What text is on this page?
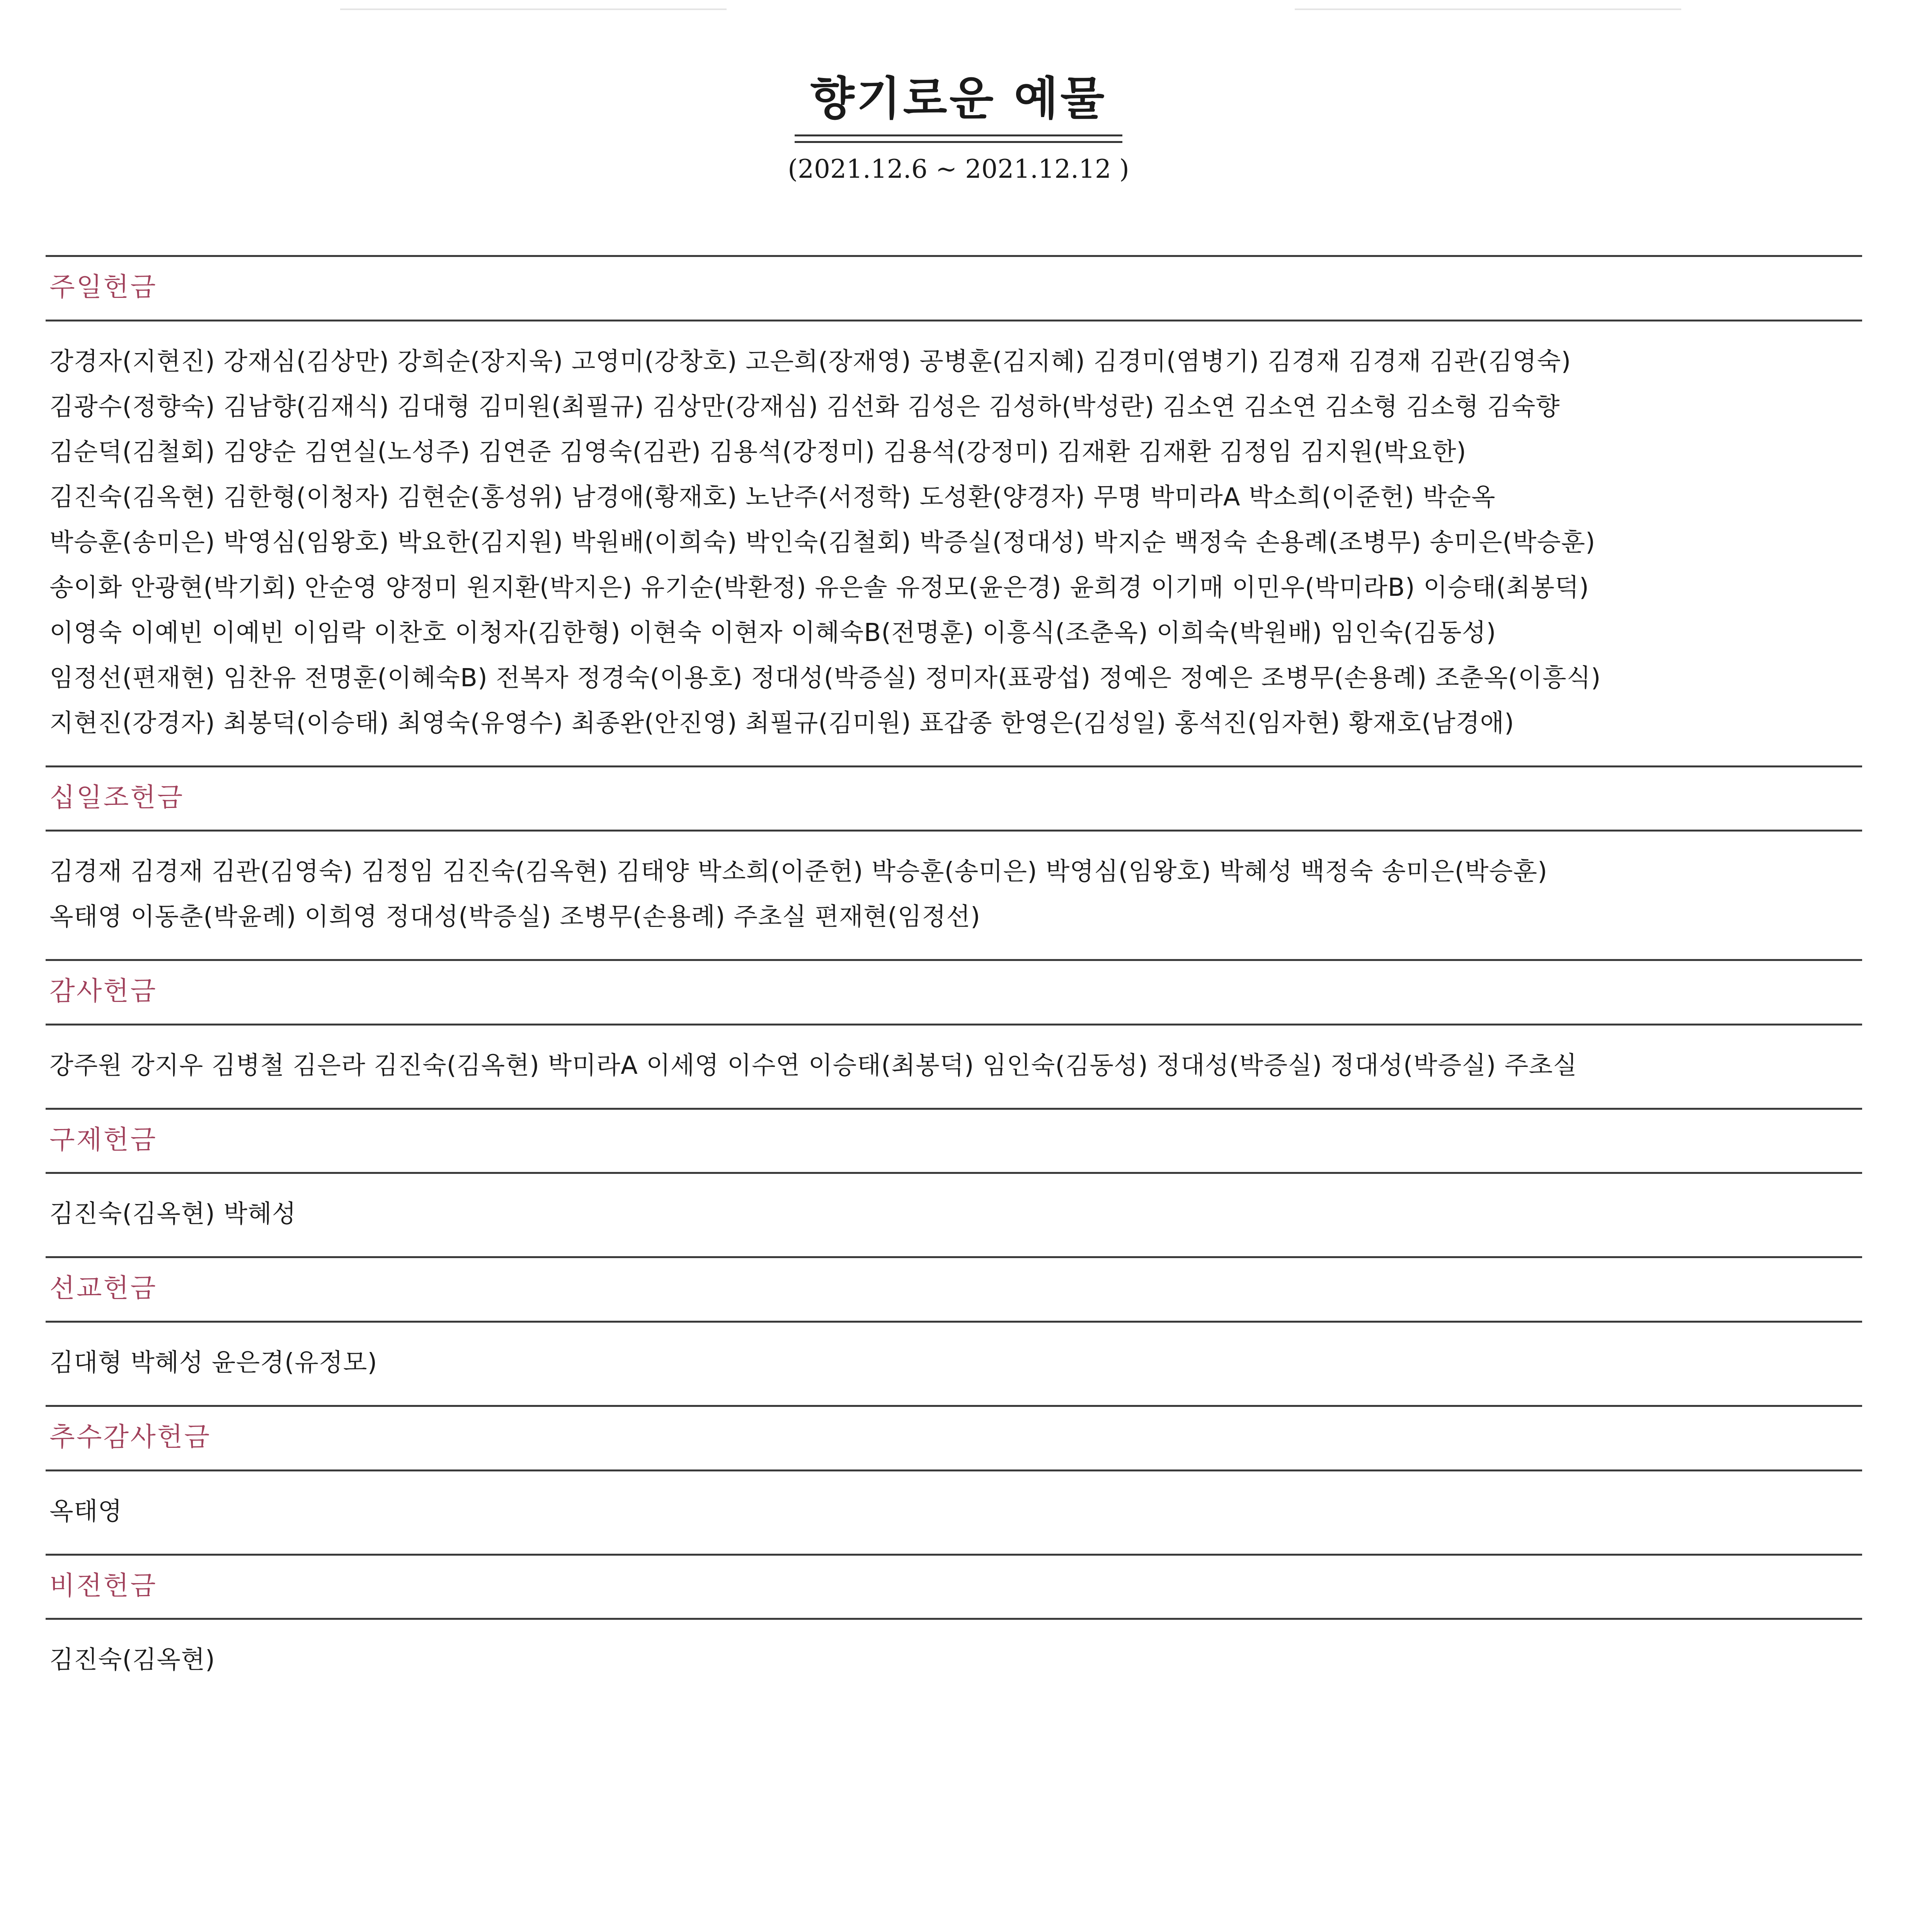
향기로운 예물
(2021.12.6 ~ 2021.12.12 )
주일헌금
강경자(지현진) 강재심(김상만) 강희순(장지욱) 고영미(강창호) 고은희(장재영) 공병훈(김지혜) 김경미(염병기) 김경재 김경재 김관(김영숙)
김광수(정향숙) 김남향(김재식) 김대형 김미원(최필규) 김상만(강재심) 김선화 김성은 김성하(박성란) 김소연 김소연 김소형 김소형 김숙향
김순덕(김철회) 김양순 김연실(노성주) 김연준 김영숙(김관) 김용석(강정미) 김용석(강정미) 김재환 김재환 김정임 김지원(박요한)
김진숙(김옥현) 김한형(이청자) 김현순(홍성위) 남경애(황재호) 노난주(서정학) 도성환(양경자) 무명 박미라A 박소희(이준헌) 박순옥
박승훈(송미은) 박영심(임왕호) 박요한(김지원) 박원배(이희숙) 박인숙(김철회) 박증실(정대성) 박지순 백정숙 손용례(조병무) 송미은(박승훈)
송이화 안광현(박기회) 안순영 양정미 원지환(박지은) 유기순(박환정) 유은솔 유정모(윤은경) 윤희경 이기매 이민우(박미라B) 이승태(최봉덕)
이영숙 이예빈 이예빈 이임락 이찬호 이청자(김한형) 이현숙 이현자 이혜숙B(전명훈) 이흥식(조춘옥) 이희숙(박원배) 임인숙(김동성)
임정선(편재현) 임찬유 전명훈(이혜숙B) 전복자 정경숙(이용호) 정대성(박증실) 정미자(표광섭) 정예은 정예은 조병무(손용례) 조춘옥(이흥식)
지현진(강경자) 최봉덕(이승태) 최영숙(유영수) 최종완(안진영) 최필규(김미원) 표갑종 한영은(김성일) 홍석진(임자현) 황재호(남경애)
십일조헌금
김경재 김경재 김관(김영숙) 김정임 김진숙(김옥현) 김태양 박소희(이준헌) 박승훈(송미은) 박영심(임왕호) 박혜성 백정숙 송미은(박승훈)
옥태영 이동춘(박윤례) 이희영 정대성(박증실) 조병무(손용례) 주초실 편재현(임정선)
감사헌금
강주원 강지우 김병철 김은라 김진숙(김옥현) 박미라A 이세영 이수연 이승태(최봉덕) 임인숙(김동성) 정대성(박증실) 정대성(박증실) 주초실
구제헌금
김진숙(김옥현) 박혜성
선교헌금
김대형 박혜성 윤은경(유정모)
추수감사헌금
옥태영
비전헌금
김진숙(김옥현)
